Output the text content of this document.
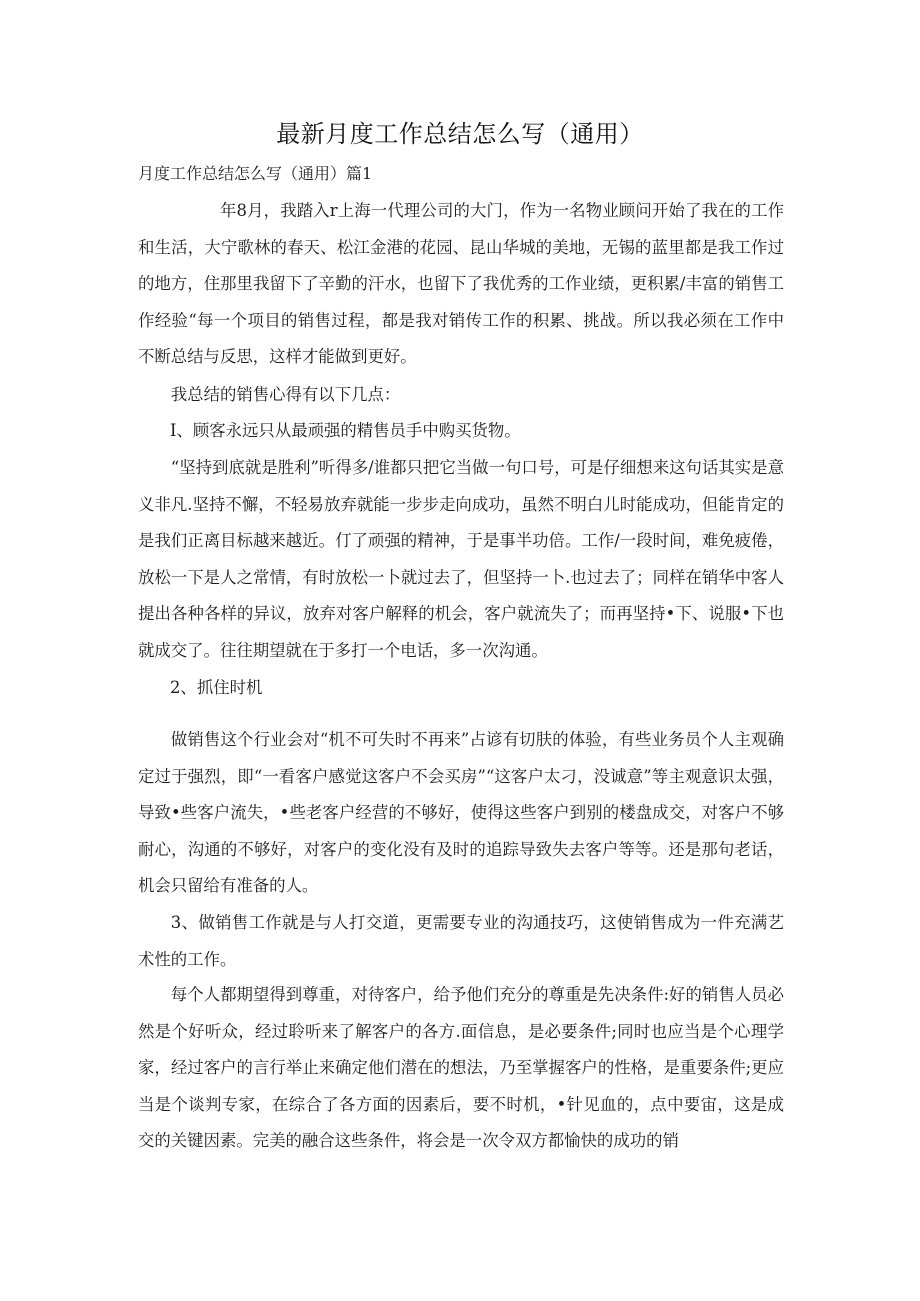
最新月度工作总结怎么写（通用）
月度工作总结怎么写（通用）篇1
年8月，我踏入r上海一代理公司的大门，作为一名物业顾问开始了我在的工作和生活，大宁歌林的春天、松江金港的花园、昆山华城的美地，无锡的蓝里都是我工作过的地方，住那里我留下了辛勤的汗水，也留下了我优秀的工作业绩，更积累/丰富的销售工作经验“每一个项目的销售过程，都是我对销传工作的积累、挑战。所以我必须在工作中不断总结与反思，这样才能做到更好。
我总结的销售心得有以下几点：
I、顾客永远只从最顽强的精售员手中购买货物。
“坚持到底就是胜利”听得多/谁都只把它当做一句口号，可是仔细想来这句话其实是意义非凡.坚持不懈，不轻易放弃就能一步步走向成功，虽然不明白儿时能成功，但能肯定的是我们正离目标越来越近。仃了顽强的精神，于是事半功倍。工作/一段时间，难免疲倦，放松一下是人之常情，有时放松一卜就过去了，但坚持一卜.也过去了；同样在销华中客人提出各种各样的异议，放弃对客户解释的机会，客户就流失了；而再坚持•下、说服•下也就成交了。往往期望就在于多打一个电话，多一次沟通。
2、抓住时机
做销售这个行业会对“机不可失时不再来”占谚有切肤的体验，有些业务员个人主观确定过于强烈，即“一看客户感觉这客户不会买房”“这客户太刁，没诚意”等主观意识太强，导致•些客户流失，•些老客户经营的不够好，使得这些客户到别的楼盘成交，对客户不够耐心，沟通的不够好，对客户的变化没有及时的追踪导致失去客户等等。还是那句老话，机会只留给有准备的人。
3、做销售工作就是与人打交道，更需要专业的沟通技巧，这使销售成为一件充满艺术性的工作。
每个人都期望得到尊重，对待客户，给予他们充分的尊重是先决条件:好的销售人员必然是个好听众，经过聆听来了解客户的各方.面信息，是必要条件;同时也应当是个心理学家，经过客户的言行举止来确定他们潜在的想法，乃至掌握客户的性格，是重要条件;更应当是个谈判专家，在综合了各方面的因素后，要不时机，•针见血的，点中要宙，这是成交的关键因素。完美的融合这些条件，将会是一次令双方都愉快的成功的销
